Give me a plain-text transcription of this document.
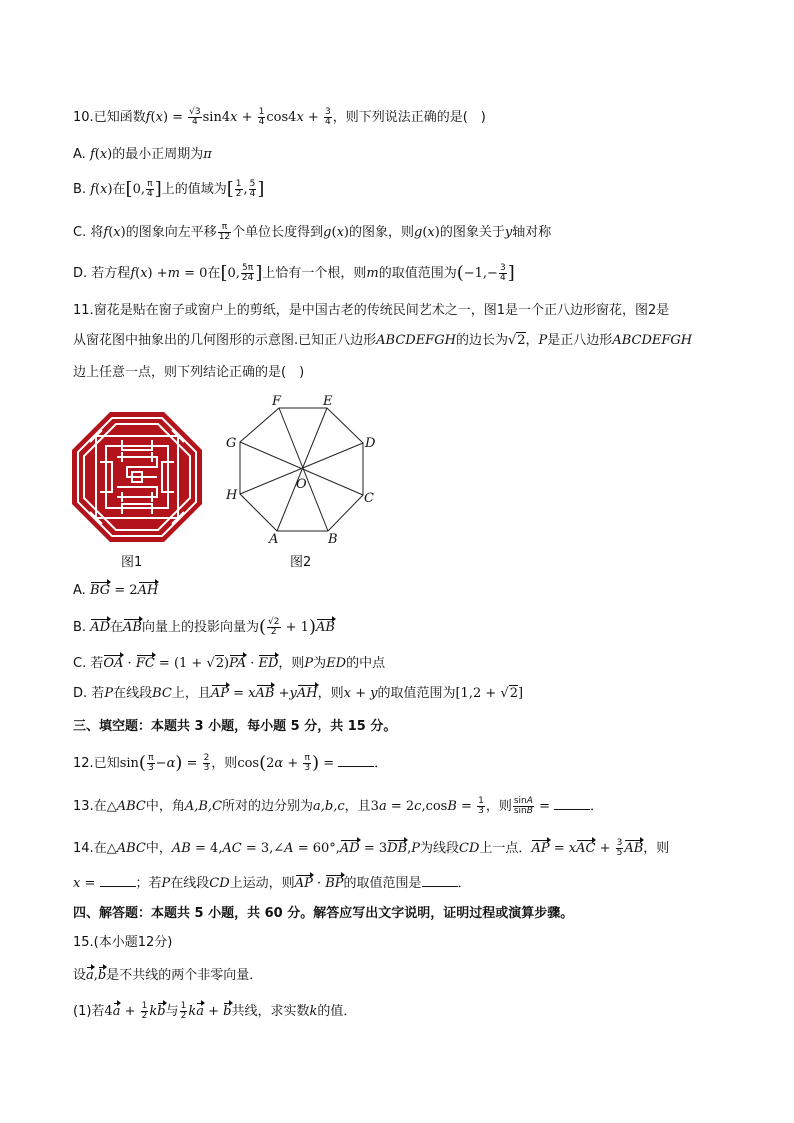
10.已知函数$f(x) = \frac{√3}{4} \sin 4x + \frac{1}{4} \cos 4x + \frac{3}{4}$ ，则下列说法正确的是(　)
A. f(x)的最小正周期为π
B. f(x)在[0, $\frac{\pi}{4}$ ]上的值域为[ $\frac{1}{2}$ , $\frac{5}{4}$ ]
C. 将f(x)的图象向左平移 $\frac{\pi}{12}$ 个单位长度得到g(x)的图象，则g(x)的图象关于y轴对称
D. 若方程f(x) +m = 0在[0, $\frac{5\pi}{24}$ ]上恰有一个根，则m的取值范围为($-1,- \frac{3}{4}$ ]
11.窗花是贴在窗子或窗户上的剪纸，是中国古老的传统民间艺术之一，图1是一个正八边形窗花，图2是
从窗花图中抽象出的几何图形的示意图.已知正八边形ABCDEFGH的边长为√2，P是正八边形ABCDEFGH
边上任意一点，则下列结论正确的是(　)
图1
A	B
C
D
E
F
G
H
O
图2
A. BG = 2AH
B. AD在AB向量上的投影向量为( $\frac{√2}{2} + 1)AB$
C. 若OA · FC = (1 + √2)PA · ED，则P为ED的中点
D. 若P在线段BC上，且AP = xAB +yAH，则x + y的取值范围为[1,2 + √2]
三、填空题：本题共 3 小题，每小题 5 分，共 15 分。
12.已知$\sin( \frac{\pi}{3} -\alpha) = \frac{2}{3}$ ，则$\cos(2\alpha + \frac{\pi}{3}$ ) =	．
13.在△ABC中，角A,B,C所对的边分别为a,b,c，且$3a = 2c,\cos B = \frac{1}{3}$ ，则 $\frac{\sin A}{\sin B}$ =	．
14.在△ABC中，AB = 4,AC = 3,∠A = 60°,AD = 3DB,P为线段CD上一点．AP = xAC + $\frac{3}{5}$ AB，则
x =	；若P在线段CD上运动，则AP · BP的取值范围是	．
四、解答题：本题共 5 小题，共 60 分。解答应写出文字说明，证明过程或演算步骤。
15.(本小题12分)
设a,b是不共线的两个非零向量．
(1)若$4a + \frac{1}{2}$ kb与 $\frac{1}{2}$ ka + b共线，求实数k的值．
